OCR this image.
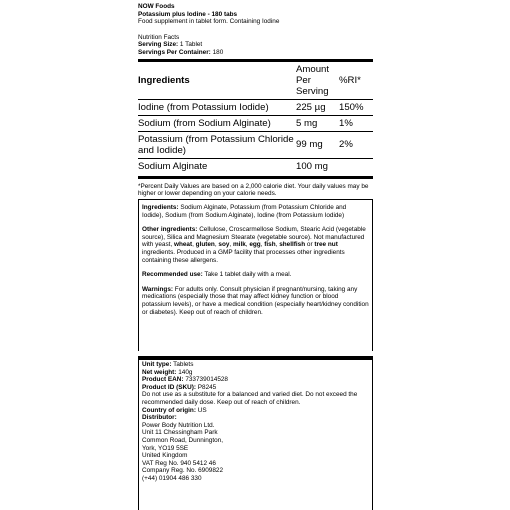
NOW Foods
Potassium plus Iodine - 180 tabs
Food supplement in tablet form. Containing Iodine
Nutrition Facts
Serving Size: 1 Tablet
Servings Per Container: 180
Ingredients	Amount Per Serving	%RI*
Iodine (from Potassium Iodide)	225 µg	150%
Sodium (from Sodium Alginate)	5 mg	1%
Potassium (from Potassium Chloride and Iodide)	99 mg	2%
Sodium Alginate	100 mg	
*Percent Daily Values are based on a 2,000 calorie diet. Your daily values may be higher or lower depending on your calorie needs.
Ingredients: Sodium Alginate, Potassium (from Potassium Chloride and Iodide), Sodium (from Sodium Alginate), Iodine (from Potassium Iodide)
Other ingredients: Cellulose, Croscarmellose Sodium, Stearic Acid (vegetable source), Silica and Magnesium Stearate (vegetable source). Not manufactured with yeast, wheat, gluten, soy, milk, egg, fish, shellfish or tree nut ingredients. Produced in a GMP facility that processes other ingredients containing these allergens.
Recommended use: Take 1 tablet daily with a meal.
Warnings: For adults only. Consult physician if pregnant/nursing, taking any medications (especially those that may affect kidney function or blood potassium levels), or have a medical condition (especially heart/kidney condition or diabetes). Keep out of reach of children.
Unit type: Tablets
Net weight: 140g
Product EAN: 733739014528
Product ID (SKU): P8245
Do not use as a substitute for a balanced and varied diet. Do not exceed the recommended daily dose. Keep out of reach of children.
Country of origin: US
Distributor:
Power Body Nutrition Ltd.
Unit 11 Chessingham Park
Common Road, Dunnington,
York, YO19 5SE
United Kingdom
VAT Reg No. 940 5412 46
Company Reg. No. 6909822
(+44) 01904 486 330
